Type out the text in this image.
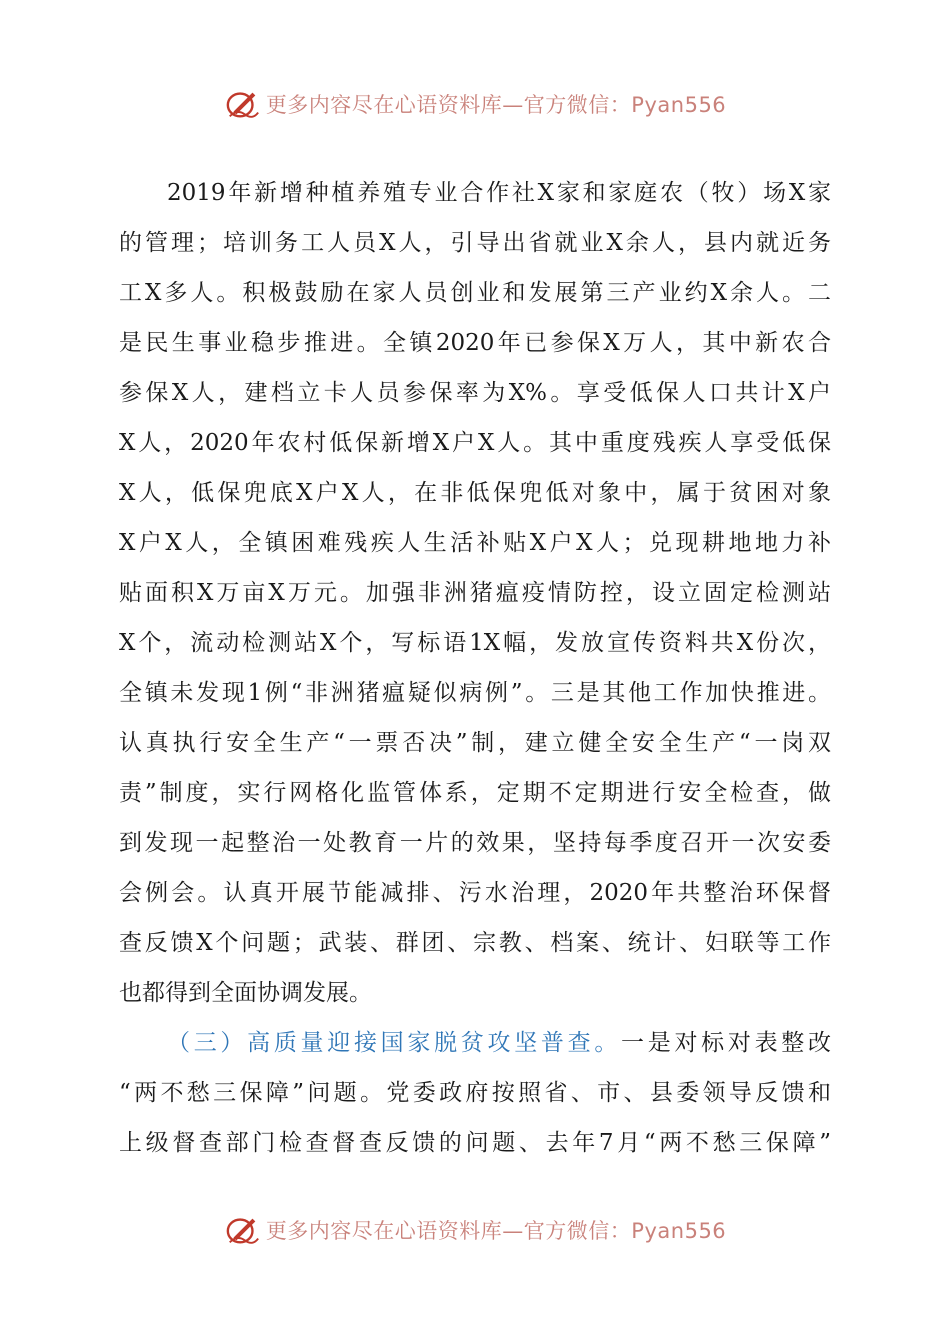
更多内容尽在心语资料库—官方微信：Pyan556
2019年新增种植养殖专业合作社X家和家庭农（牧）场X家
的管理；培训务工人员X人，引导出省就业X余人，县内就近务
工X多人。积极鼓励在家人员创业和发展第三产业约X余人。二
是民生事业稳步推进。全镇2020年已参保X万人，其中新农合
参保X人，建档立卡人员参保率为X%。享受低保人口共计X户
X人，2020年农村低保新增X户X人。其中重度残疾人享受低保
X人，低保兜底X户X人，在非低保兜低对象中，属于贫困对象
X户X人，全镇困难残疾人生活补贴X户X人；兑现耕地地力补
贴面积X万亩X万元。加强非洲猪瘟疫情防控，设立固定检测站
X个，流动检测站X个，写标语1X幅，发放宣传资料共X份次，
全镇未发现1例“非洲猪瘟疑似病例”。三是其他工作加快推进。
认真执行安全生产“一票否决”制，建立健全安全生产“一岗双
责”制度，实行网格化监管体系，定期不定期进行安全检查，做
到发现一起整治一处教育一片的效果，坚持每季度召开一次安委
会例会。认真开展节能减排、污水治理，2020年共整治环保督
查反馈X个问题；武装、群团、宗教、档案、统计、妇联等工作
也都得到全面协调发展。
（三）高质量迎接国家脱贫攻坚普查。一是对标对表整改
“两不愁三保障”问题。党委政府按照省、市、县委领导反馈和
上级督查部门检查督查反馈的问题、去年7月“两不愁三保障”
更多内容尽在心语资料库—官方微信：Pyan556
